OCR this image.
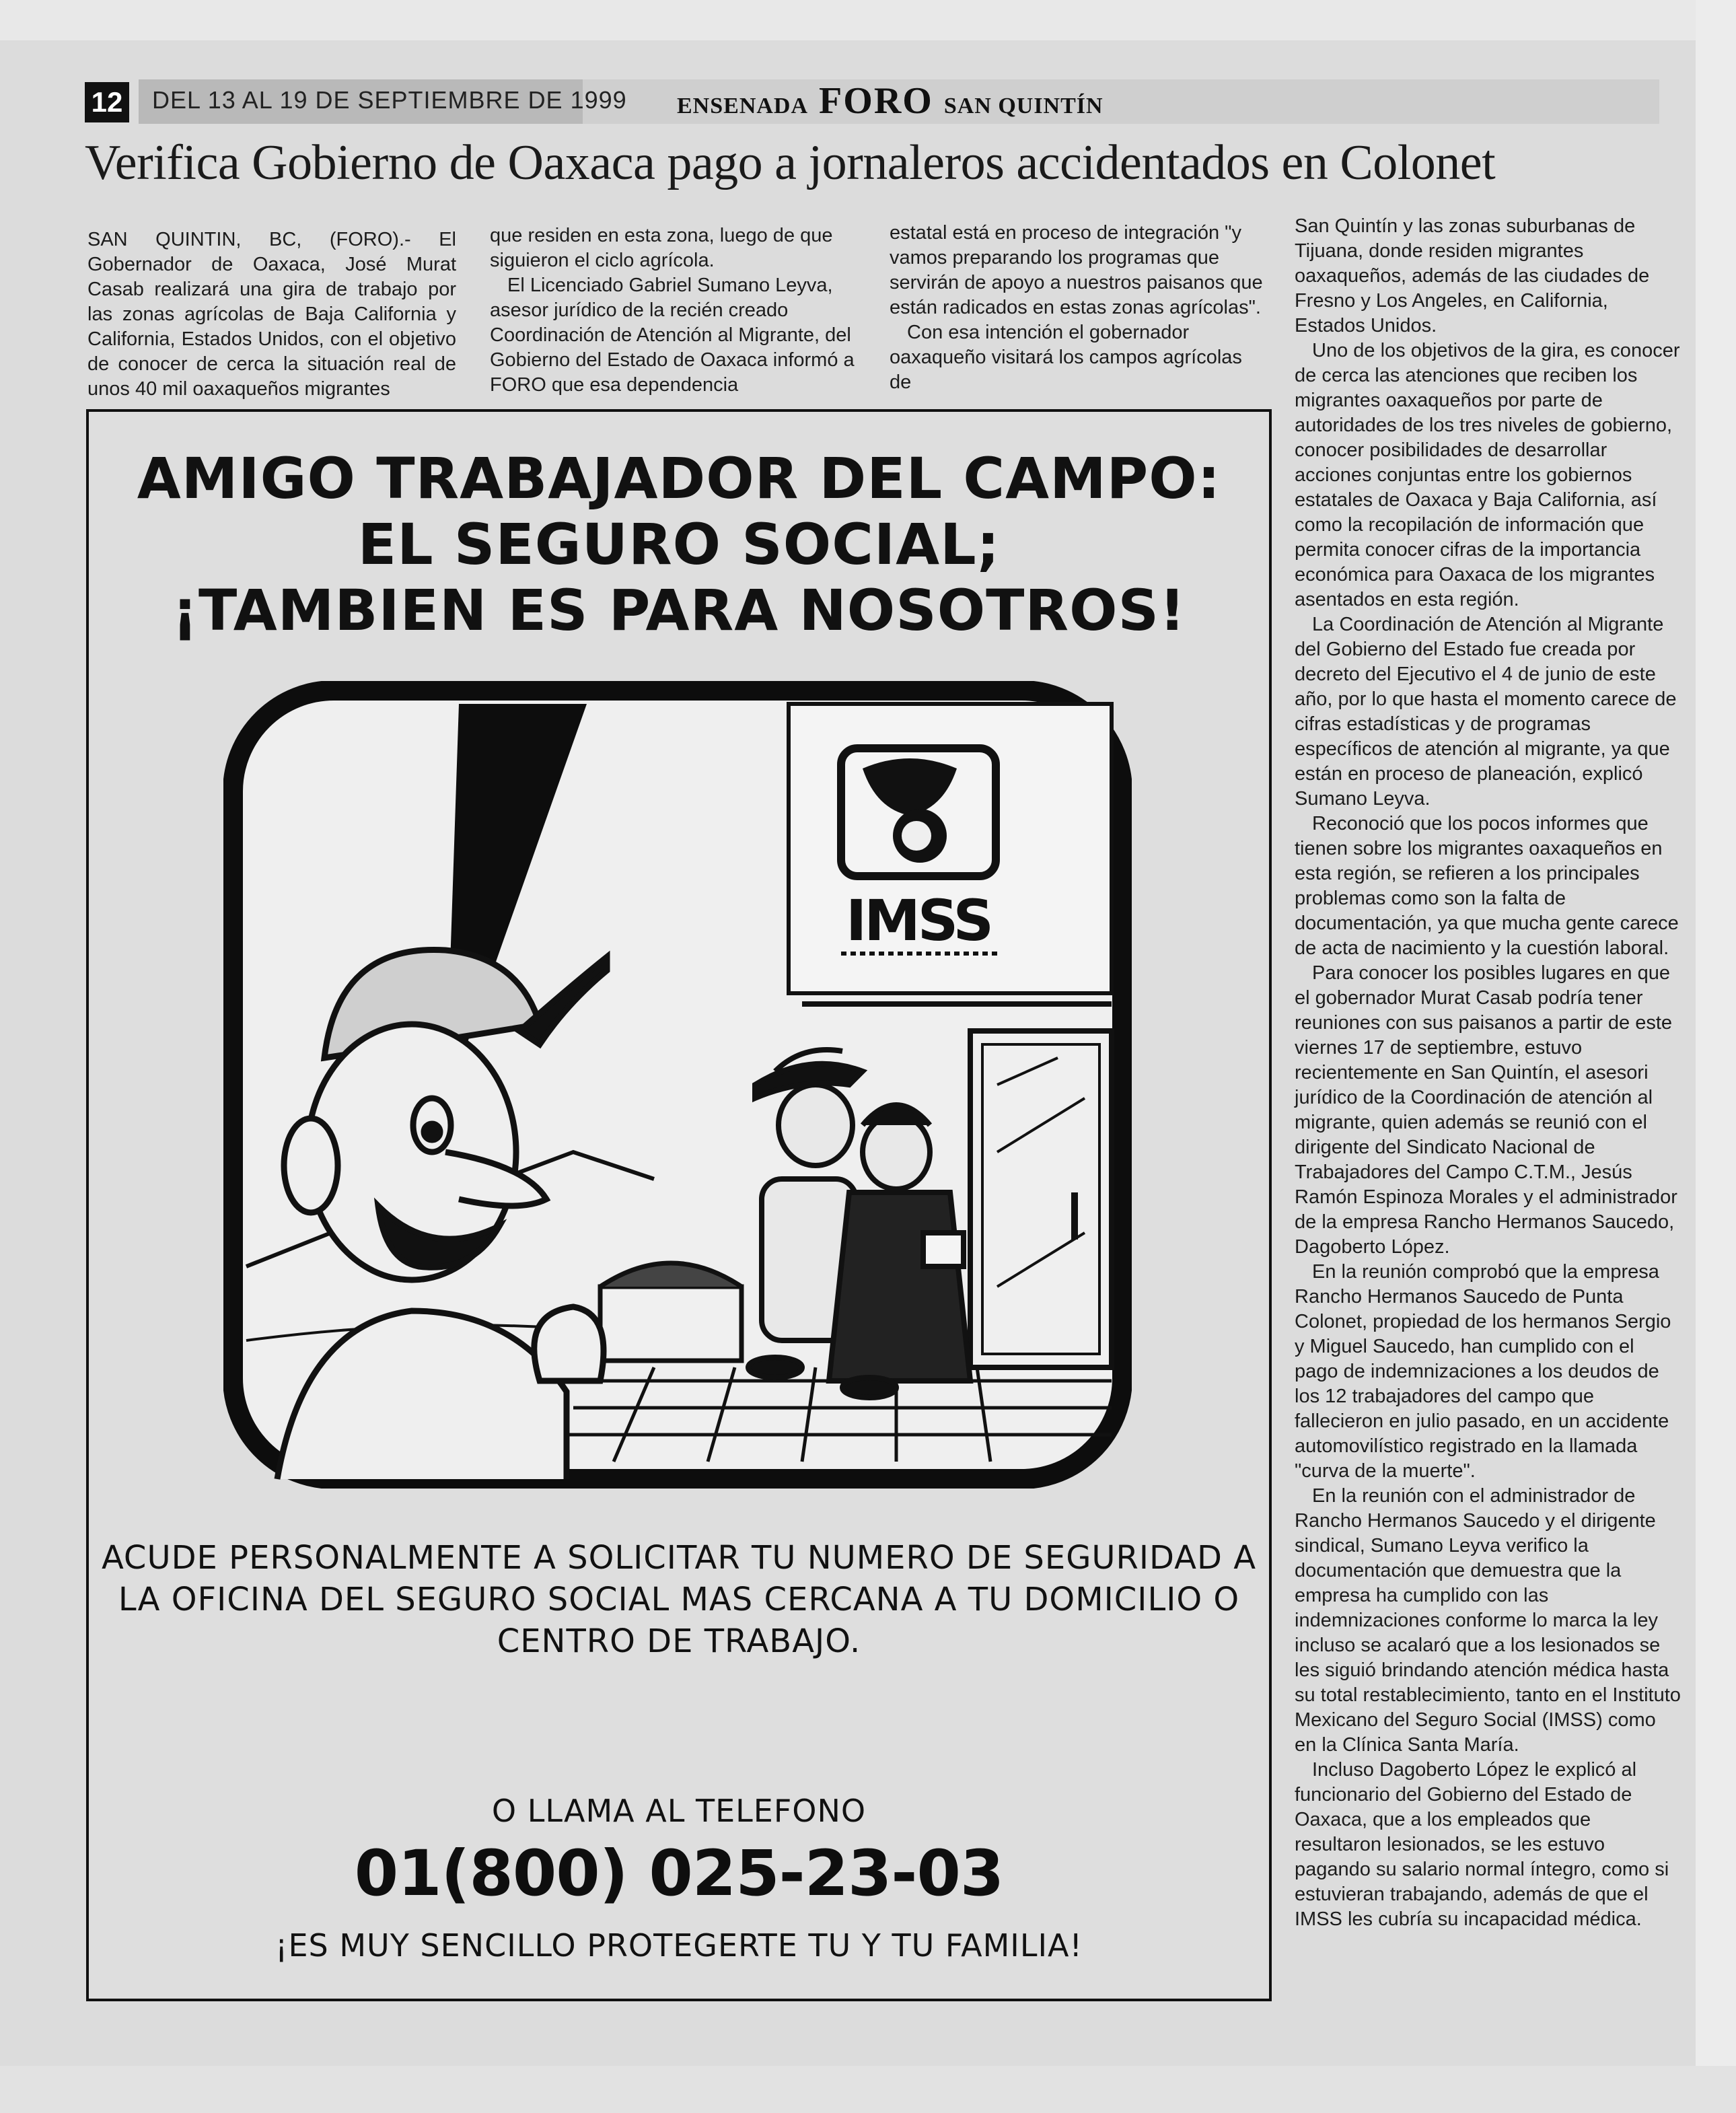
12 DEL 13 AL 19 DE SEPTIEMBRE DE 1999 ENSENADA FORO SAN QUINTÍN
Verifica Gobierno de Oaxaca pago a jornaleros accidentados en Colonet

SAN QUINTIN, BC, (FORO).- El Gobernador de Oaxaca, José Murat Casab realizará una gira de trabajo por las zonas agrícolas de Baja California y California, Estados Unidos, con el objetivo de conocer de cerca la situación real de unos 40 mil oaxaqueños migrantes

que residen en esta zona, luego de que siguieron el ciclo agrícola.

El Licenciado Gabriel Sumano Leyva, asesor jurídico de la recién creado Coordinación de Atención al Migrante, del Gobierno del Estado de Oaxaca informó a FORO que esa dependencia

estatal está en proceso de integración "y vamos preparando los programas que servirán de apoyo a nuestros paisanos que están radicados en estas zonas agrícolas".

Con esa intención el gobernador oaxaqueño visitará los campos agrícolas de

San Quintín y las zonas suburbanas de Tijuana, donde residen migrantes oaxaqueños, además de las ciudades de Fresno y Los Angeles, en California, Estados Unidos.

Uno de los objetivos de la gira, es conocer de cerca las atenciones que reciben los migrantes oaxaqueños por parte de autoridades de los tres niveles de gobierno, conocer posibilidades de desarrollar acciones conjuntas entre los gobiernos estatales de Oaxaca y Baja California, así como la recopilación de información que permita conocer cifras de la importancia económica para Oaxaca de los migrantes asentados en esta región.

La Coordinación de Atención al Migrante del Gobierno del Estado fue creada por decreto del Ejecutivo el 4 de junio de este año, por lo que hasta el momento carece de cifras estadísticas y de programas específicos de atención al migrante, ya que están en proceso de planeación, explicó Sumano Leyva.

Reconoció que los pocos informes que tienen sobre los migrantes oaxaqueños en esta región, se refieren a los principales problemas como son la falta de documentación, ya que mucha gente carece de acta de nacimiento y la cuestión laboral.

Para conocer los posibles lugares en que el gobernador Murat Casab podría tener reuniones con sus paisanos a partir de este viernes 17 de septiembre, estuvo recientemente en San Quintín, el asesori jurídico de la Coordinación de atención al migrante, quien además se reunió con el dirigente del Sindicato Nacional de Trabajadores del Campo C.T.M., Jesús Ramón Espinoza Morales y el administrador de la empresa Rancho Hermanos Saucedo, Dagoberto López.

En la reunión comprobó que la empresa Rancho Hermanos Saucedo de Punta Colonet, propiedad de los hermanos Sergio y Miguel Saucedo, han cumplido con el pago de indemnizaciones a los deudos de los 12 trabajadores del campo que fallecieron en julio pasado, en un accidente automovilístico registrado en la llamada "curva de la muerte".

En la reunión con el administrador de Rancho Hermanos Saucedo y el dirigente sindical, Sumano Leyva verifico la documentación que demuestra que la empresa ha cumplido con las indemnizaciones conforme lo marca la ley incluso se acalaró que a los lesionados se les siguió brindando atención médica hasta su total restablecimiento, tanto en el Instituto Mexicano del Seguro Social (IMSS) como en la Clínica Santa María.

Incluso Dagoberto López le explicó al funcionario del Gobierno del Estado de Oaxaca, que a los empleados que resultaron lesionados, se les estuvo pagando su salario normal íntegro, como si estuvieran trabajando, además de que el IMSS les cubría su incapacidad médica.

AMIGO TRABAJADOR DEL CAMPO:
EL SEGURO SOCIAL;
¡TAMBIEN ES PARA NOSOTROS!
IMSS
ACUDE PERSONALMENTE A SOLICITAR TU NUMERO DE SEGURIDAD A LA OFICINA DEL SEGURO SOCIAL MAS CERCANA A TU DOMICILIO O CENTRO DE TRABAJO.
O LLAMA AL TELEFONO
01(800) 025-23-03
¡ES MUY SENCILLO PROTEGERTE TU Y TU FAMILIA!
